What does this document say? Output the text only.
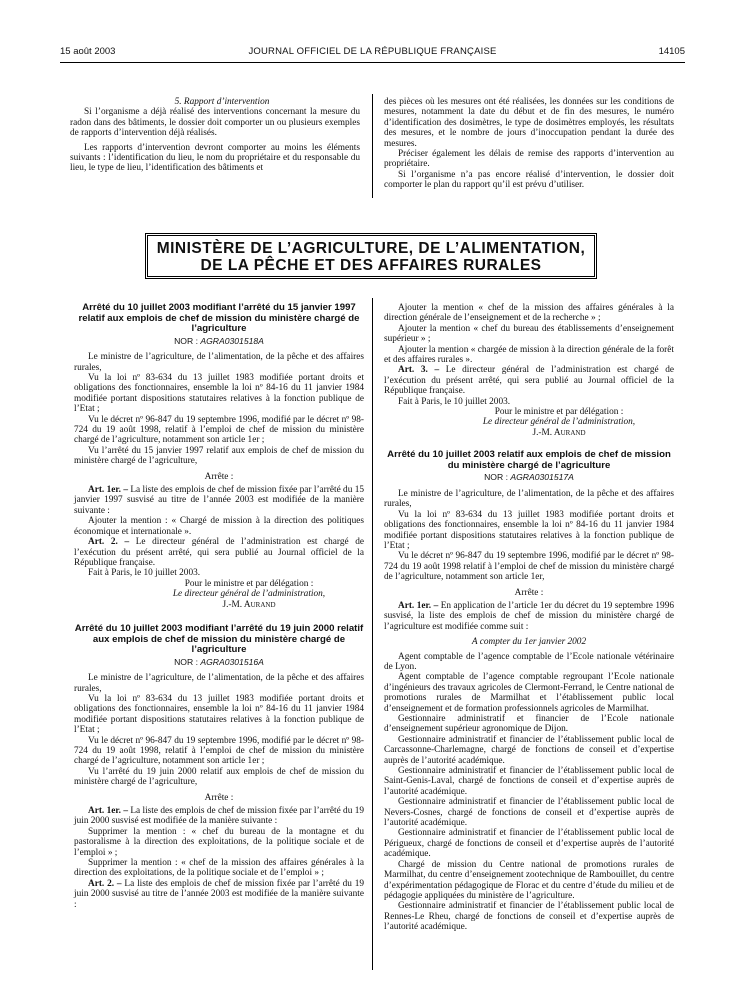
15 août 2003	JOURNAL OFFICIEL DE LA RÉPUBLIQUE FRANÇAISE	14105

5. Rapport d’intervention

Si l’organisme a déjà réalisé des interventions concernant la mesure du radon dans des bâtiments, le dossier doit comporter un ou plusieurs exemples de rapports d’intervention déjà réalisés.

Les rapports d’intervention devront comporter au moins les éléments suivants : l’identification du lieu, le nom du propriétaire et du responsable du lieu, le type de lieu, l’identification des bâtiments et

des pièces où les mesures ont été réalisées, les données sur les conditions de mesures, notamment la date du début et de fin des mesures, le numéro d’identification des dosimètres, le type de dosimètres employés, les résultats des mesures, et le nombre de jours d’inoccupation pendant la durée des mesures.

Préciser également les délais de remise des rapports d’intervention au propriétaire.

Si l’organisme n’a pas encore réalisé d’intervention, le dossier doit comporter le plan du rapport qu’il est prévu d’utiliser.

MINISTÈRE DE L’AGRICULTURE, DE L’ALIMENTATION,
DE LA PÊCHE ET DES AFFAIRES RURALES
Arrêté du 10 juillet 2003 modifiant l’arrêté du 15 janvier 1997 relatif aux emplois de chef de mission du ministère chargé de l’agriculture
NOR : AGRA0301518A

Le ministre de l’agriculture, de l’alimentation, de la pêche et des affaires rurales,

Vu la loi nº 83-634 du 13 juillet 1983 modifiée portant droits et obligations des fonctionnaires, ensemble la loi nº 84-16 du 11 janvier 1984 modifiée portant dispositions statutaires relatives à la fonction publique de l’Etat ;

Vu le décret nº 96-847 du 19 septembre 1996, modifié par le décret nº 98-724 du 19 août 1998, relatif à l’emploi de chef de mission du ministère chargé de l’agriculture, notamment son article 1er ;

Vu l’arrêté du 15 janvier 1997 relatif aux emplois de chef de mission du ministère chargé de l’agriculture,

Arrête :

Art. 1er. – La liste des emplois de chef de mission fixée par l’arrêté du 15 janvier 1997 susvisé au titre de l’année 2003 est modifiée de la manière suivante :

Ajouter la mention : « Chargé de mission à la direction des politiques économique et internationale ».

Art. 2. – Le directeur général de l’administration est chargé de l’exécution du présent arrêté, qui sera publié au Journal officiel de la République française.

Fait à Paris, le 10 juillet 2003.

Pour le ministre et par délégation :

Le directeur général de l’administration,

J.-M. Aurand

Arrêté du 10 juillet 2003 modifiant l’arrêté du 19 juin 2000 relatif aux emplois de chef de mission du ministère chargé de l’agriculture
NOR : AGRA0301516A

Le ministre de l’agriculture, de l’alimentation, de la pêche et des affaires rurales,

Vu la loi nº 83-634 du 13 juillet 1983 modifiée portant droits et obligations des fonctionnaires, ensemble la loi nº 84-16 du 11 janvier 1984 modifiée portant dispositions statutaires relatives à la fonction publique de l’Etat ;

Vu le décret nº 96-847 du 19 septembre 1996, modifié par le décret nº 98-724 du 19 août 1998, relatif à l’emploi de chef de mission du ministère chargé de l’agriculture, notamment son article 1er ;

Vu l’arrêté du 19 juin 2000 relatif aux emplois de chef de mission du ministère chargé de l’agriculture,

Arrête :

Art. 1er. – La liste des emplois de chef de mission fixée par l’arrêté du 19 juin 2000 susvisé est modifiée de la manière suivante :

Supprimer la mention : « chef du bureau de la montagne et du pastoralisme à la direction des exploitations, de la politique sociale et de l’emploi » ;

Supprimer la mention : « chef de la mission des affaires générales à la direction des exploitations, de la politique sociale et de l’emploi » ;

Art. 2. – La liste des emplois de chef de mission fixée par l’arrêté du 19 juin 2000 susvisé au titre de l’année 2003 est modifiée de la manière suivante :

Ajouter la mention « chef de la mission des affaires générales à la direction générale de l’enseignement et de la recherche » ;

Ajouter la mention « chef du bureau des établissements d’enseignement supérieur » ;

Ajouter la mention « chargée de mission à la direction générale de la forêt et des affaires rurales ».

Art. 3. – Le directeur général de l’administration est chargé de l’exécution du présent arrêté, qui sera publié au Journal officiel de la République française.

Fait à Paris, le 10 juillet 2003.

Pour le ministre et par délégation :

Le directeur général de l’administration,

J.-M. Aurand

Arrêté du 10 juillet 2003 relatif aux emplois de chef de mission du ministère chargé de l’agriculture
NOR : AGRA0301517A

Le ministre de l’agriculture, de l’alimentation, de la pêche et des affaires rurales,

Vu la loi nº 83-634 du 13 juillet 1983 modifiée portant droits et obligations des fonctionnaires, ensemble la loi nº 84-16 du 11 janvier 1984 modifiée portant dispositions statutaires relatives à la fonction publique de l’Etat ;

Vu le décret nº 96-847 du 19 septembre 1996, modifié par le décret nº 98-724 du 19 août 1998 relatif à l’emploi de chef de mission du ministère chargé de l’agriculture, notamment son article 1er,

Arrête :

Art. 1er. – En application de l’article 1er du décret du 19 septembre 1996 susvisé, la liste des emplois de chef de mission du ministère chargé de l’agriculture est modifiée comme suit :

A compter du 1er janvier 2002

Agent comptable de l’agence comptable de l’Ecole nationale vétérinaire de Lyon.

Agent comptable de l’agence comptable regroupant l’Ecole nationale d’ingénieurs des travaux agricoles de Clermont-Ferrand, le Centre national de promotions rurales de Marmilhat et l’établissement public local d’enseignement et de formation professionnels agricoles de Marmilhat.

Gestionnaire administratif et financier de l’Ecole nationale d’enseignement supérieur agronomique de Dijon.

Gestionnaire administratif et financier de l’établissement public local de Carcassonne-Charlemagne, chargé de fonctions de conseil et d’expertise auprès de l’autorité académique.

Gestionnaire administratif et financier de l’établissement public local de Saint-Genis-Laval, chargé de fonctions de conseil et d’expertise auprès de l’autorité académique.

Gestionnaire administratif et financier de l’établissement public local de Nevers-Cosnes, chargé de fonctions de conseil et d’expertise auprès de l’autorité académique.

Gestionnaire administratif et financier de l’établissement public local de Périgueux, chargé de fonctions de conseil et d’expertise auprès de l’autorité académique.

Chargé de mission du Centre national de promotions rurales de Marmilhat, du centre d’enseignement zootechnique de Rambouillet, du centre d’expérimentation pédagogique de Florac et du centre d’étude du milieu et de pédagogie appliquées du ministère de l’agriculture.

Gestionnaire administratif et financier de l’établissement public local de Rennes-Le Rheu, chargé de fonctions de conseil et d’expertise auprès de l’autorité académique.
